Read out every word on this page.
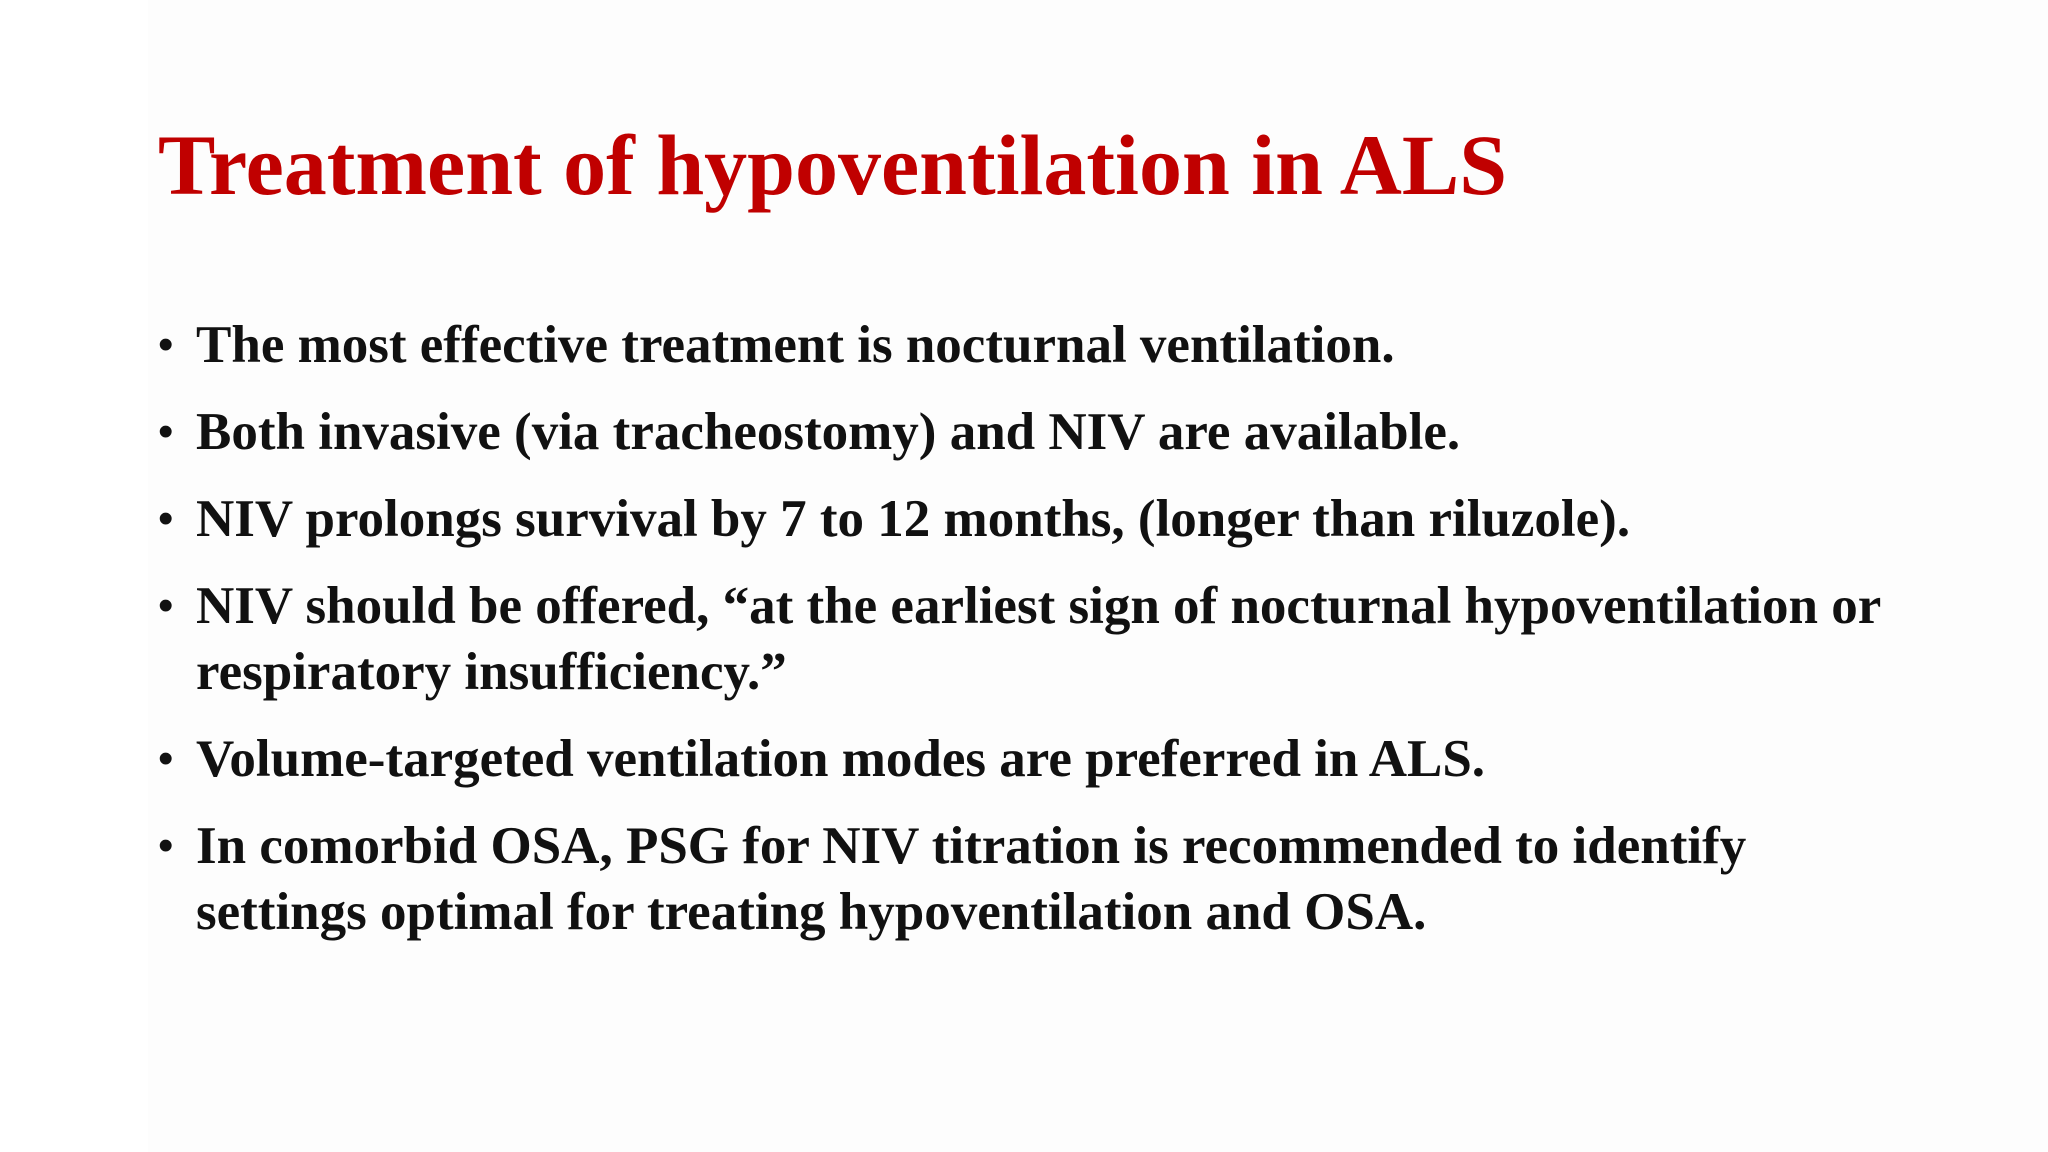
Treatment of hypoventilation in ALS
• The most effective treatment is nocturnal ventilation.
• Both invasive (via tracheostomy) and NIV are available.
• NIV prolongs survival by 7 to 12 months, (longer than riluzole).
• NIV should be offered, “at the earliest sign of nocturnal hypoventilation or respiratory insufficiency.”
• Volume-targeted ventilation modes are preferred in ALS.
• In comorbid OSA, PSG for NIV titration is recommended to identify settings optimal for treating hypoventilation and OSA.
